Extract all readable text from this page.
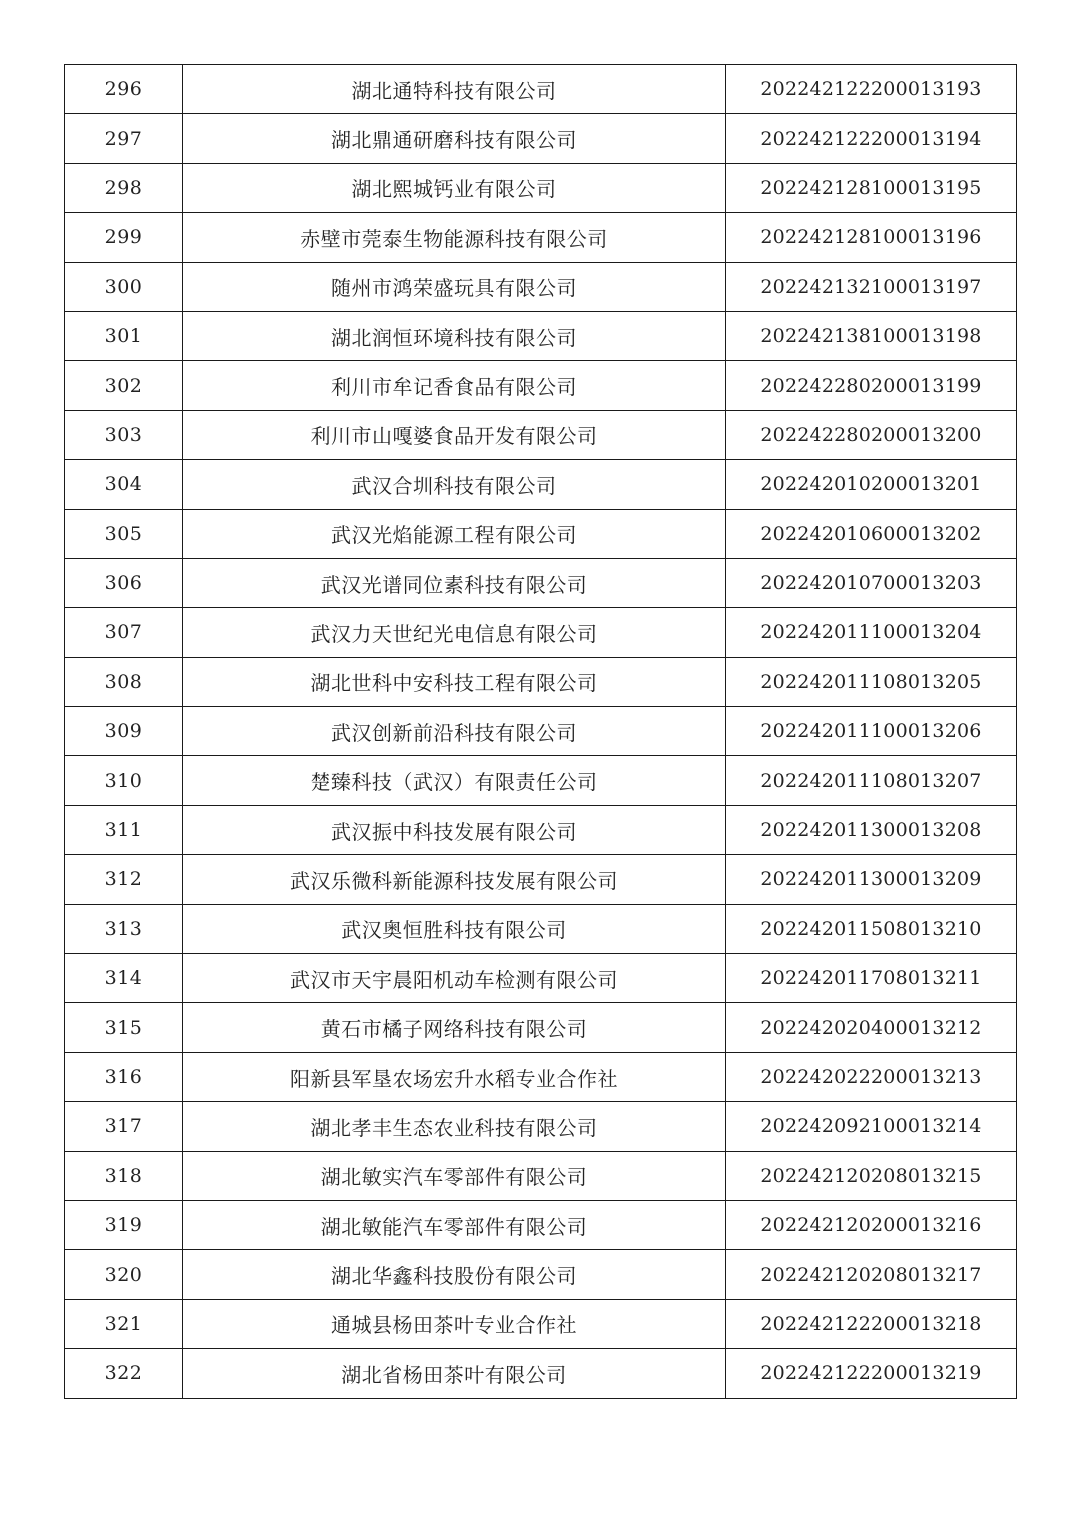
296	湖北通特科技有限公司	202242122200013193
297	湖北鼎通研磨科技有限公司	202242122200013194
298	湖北熙城钙业有限公司	202242128100013195
299	赤壁市莞泰生物能源科技有限公司	202242128100013196
300	随州市鸿荣盛玩具有限公司	202242132100013197
301	湖北润恒环境科技有限公司	202242138100013198
302	利川市牟记香食品有限公司	202242280200013199
303	利川市山嘎婆食品开发有限公司	202242280200013200
304	武汉合圳科技有限公司	202242010200013201
305	武汉光焰能源工程有限公司	202242010600013202
306	武汉光谱同位素科技有限公司	202242010700013203
307	武汉力天世纪光电信息有限公司	202242011100013204
308	湖北世科中安科技工程有限公司	202242011108013205
309	武汉创新前沿科技有限公司	202242011100013206
310	楚臻科技（武汉）有限责任公司	202242011108013207
311	武汉振中科技发展有限公司	202242011300013208
312	武汉乐微科新能源科技发展有限公司	202242011300013209
313	武汉奥恒胜科技有限公司	202242011508013210
314	武汉市天宇晨阳机动车检测有限公司	202242011708013211
315	黄石市橘子网络科技有限公司	202242020400013212
316	阳新县军垦农场宏升水稻专业合作社	202242022200013213
317	湖北孝丰生态农业科技有限公司	202242092100013214
318	湖北敏实汽车零部件有限公司	202242120208013215
319	湖北敏能汽车零部件有限公司	202242120200013216
320	湖北华鑫科技股份有限公司	202242120208013217
321	通城县杨田茶叶专业合作社	202242122200013218
322	湖北省杨田茶叶有限公司	202242122200013219
